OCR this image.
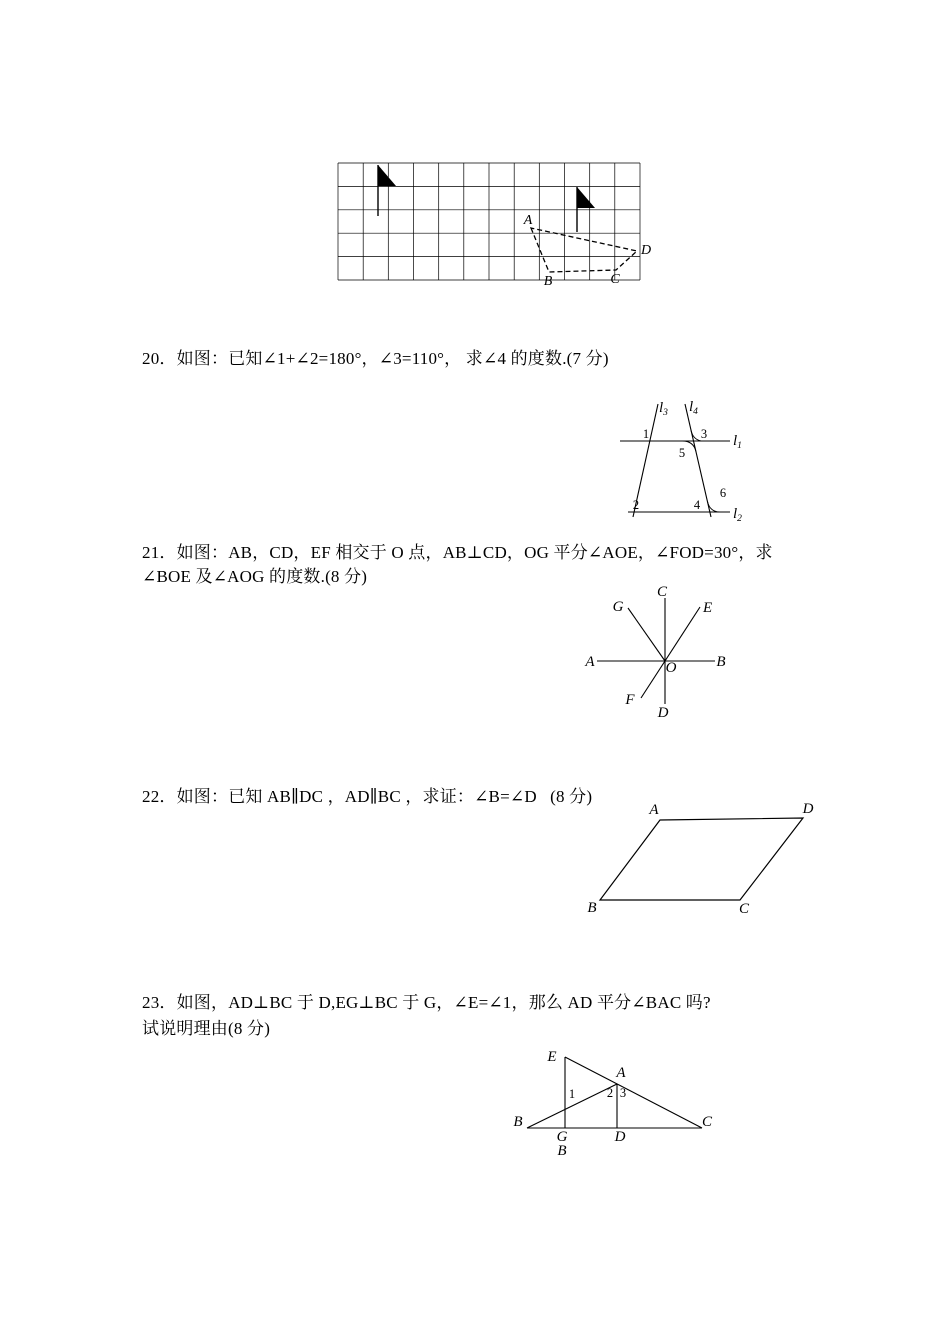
A
B	C
D
20．如图：已知∠1+∠2=180°，∠3=110°， 求∠4 的度数.(7 分)
$l_3$ $l_4$
$l_1$
$l_2$
1
2
3
4
5
6
21．如图：AB，CD，EF 相交于 O 点，AB⊥CD，OG 平分∠AOE，∠FOD=30°，求
∠BOE 及∠AOG 的度数.(8 分)
G
C
E
A	B
O
F
D
22．如图：已知 AB∥DC ，AD∥BC ，求证：∠B=∠D   (8 分)
A	D
B	C
23．如图，AD⊥BC 于 D,EG⊥BC 于 G，∠E=∠1，那么 AD 平分∠BAC 吗?
试说明理由(8 分)
E
A
1	2 3
B
G
B
D
C
